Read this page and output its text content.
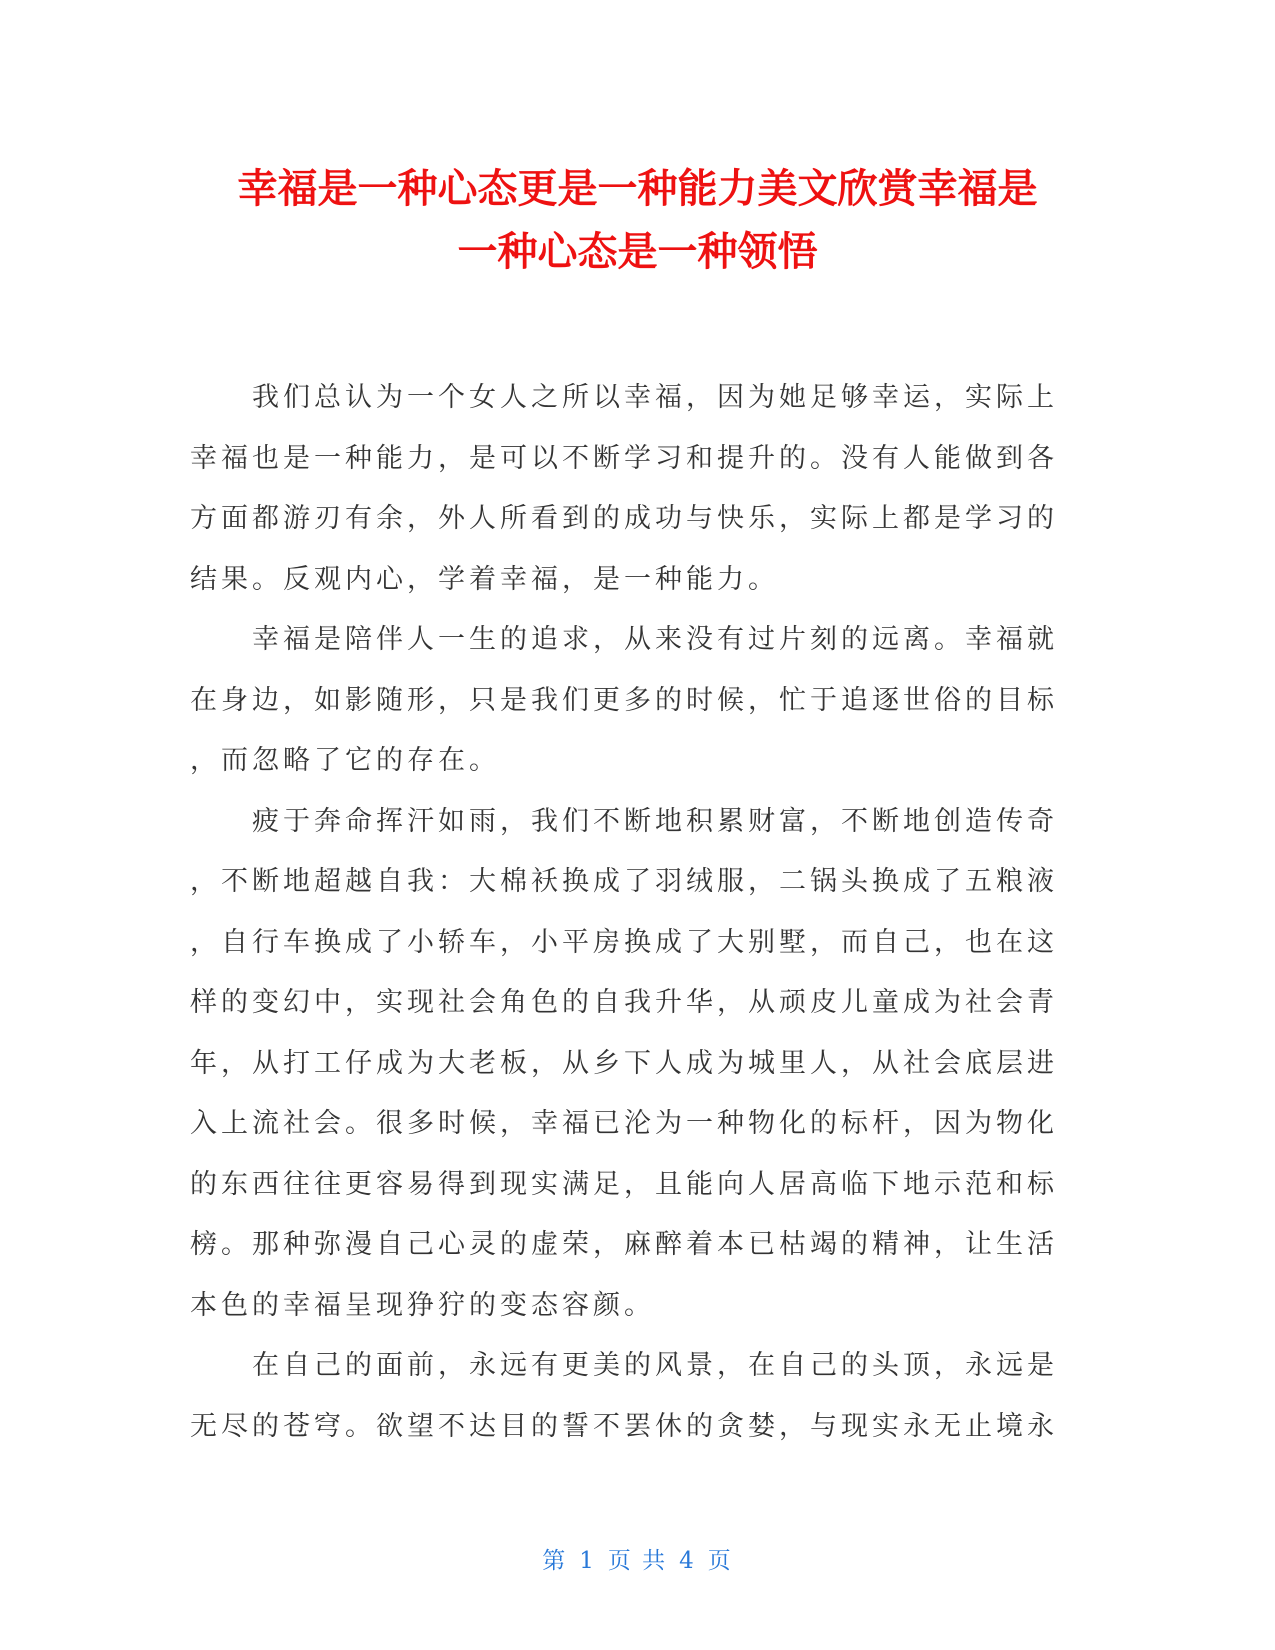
幸福是一种心态更是一种能力美文欣赏幸福是
一种心态是一种领悟

我们总认为一个女人之所以幸福，因为她足够幸运，实际上
幸福也是一种能力，是可以不断学习和提升的。没有人能做到各
方面都游刃有余，外人所看到的成功与快乐，实际上都是学习的
结果。反观内心，学着幸福，是一种能力。

幸福是陪伴人一生的追求，从来没有过片刻的远离。幸福就
在身边，如影随形，只是我们更多的时候，忙于追逐世俗的目标
，而忽略了它的存在。

疲于奔命挥汗如雨，我们不断地积累财富，不断地创造传奇
，不断地超越自我：大棉袄换成了羽绒服，二锅头换成了五粮液
，自行车换成了小轿车，小平房换成了大别墅，而自己，也在这
样的变幻中，实现社会角色的自我升华，从顽皮儿童成为社会青
年，从打工仔成为大老板，从乡下人成为城里人，从社会底层进
入上流社会。很多时候，幸福已沦为一种物化的标杆，因为物化
的东西往往更容易得到现实满足，且能向人居高临下地示范和标
榜。那种弥漫自己心灵的虚荣，麻醉着本已枯竭的精神，让生活
本色的幸福呈现狰狞的变态容颜。

在自己的面前，永远有更美的风景，在自己的头顶，永远是
无尽的苍穹。欲望不达目的誓不罢休的贪婪，与现实永无止境永

第 1 页 共 4 页
